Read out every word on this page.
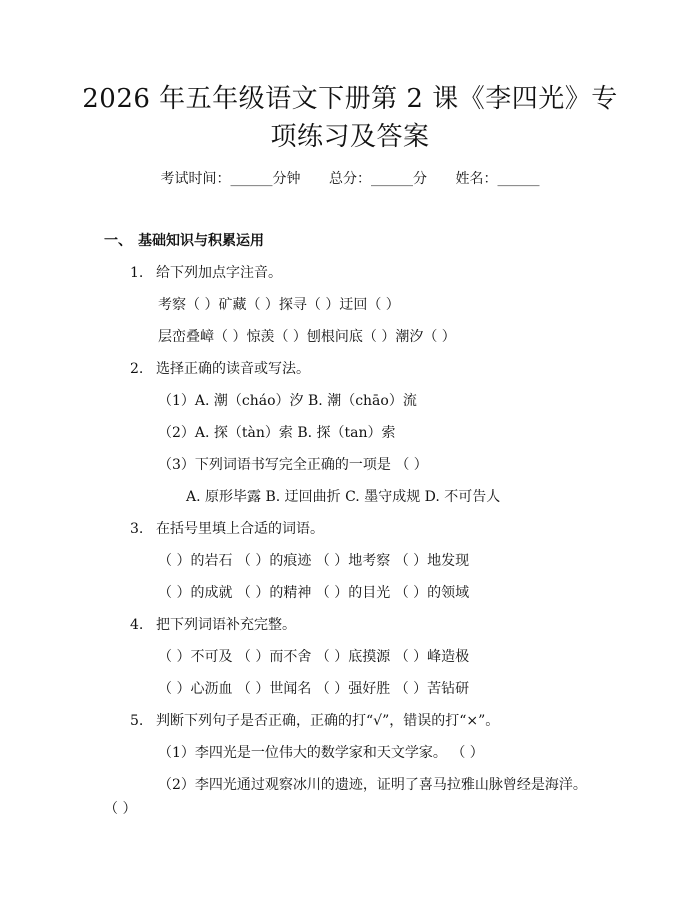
2026 年五年级语文下册第 2 课《李四光》专
项练习及答案
考试时间：______分钟 总分：______分 姓名：______
一、 基础知识与积累运用
1. 给下列加点字注音。
考察（ ）矿藏（ ）探寻（ ）迂回（ ）
层峦叠嶂（ ）惊羡（ ）刨根问底（ ）潮汐（ ）
2. 选择正确的读音或写法。
（1）A. 潮（cháo）汐 B. 潮（chāo）流
（2）A. 探（tàn）索 B. 探（tan）索
（3）下列词语书写完全正确的一项是 （ ）
A. 原形毕露 B. 迂回曲折 C. 墨守成规 D. 不可告人
3. 在括号里填上合适的词语。
（ ）的岩石 （ ）的痕迹 （ ）地考察 （ ）地发现
（ ）的成就 （ ）的精神 （ ）的目光 （ ）的领域
4. 把下列词语补充完整。
（ ）不可及 （ ）而不舍 （ ）底摸源 （ ）峰造极
（ ）心沥血 （ ）世闻名 （ ）强好胜 （ ）苦钻研
5. 判断下列句子是否正确，正确的打“√”，错误的打“×”。
（1）李四光是一位伟大的数学家和天文学家。 （ ）
（2）李四光通过观察冰川的遗迹，证明了喜马拉雅山脉曾经是海洋。
（ ）
